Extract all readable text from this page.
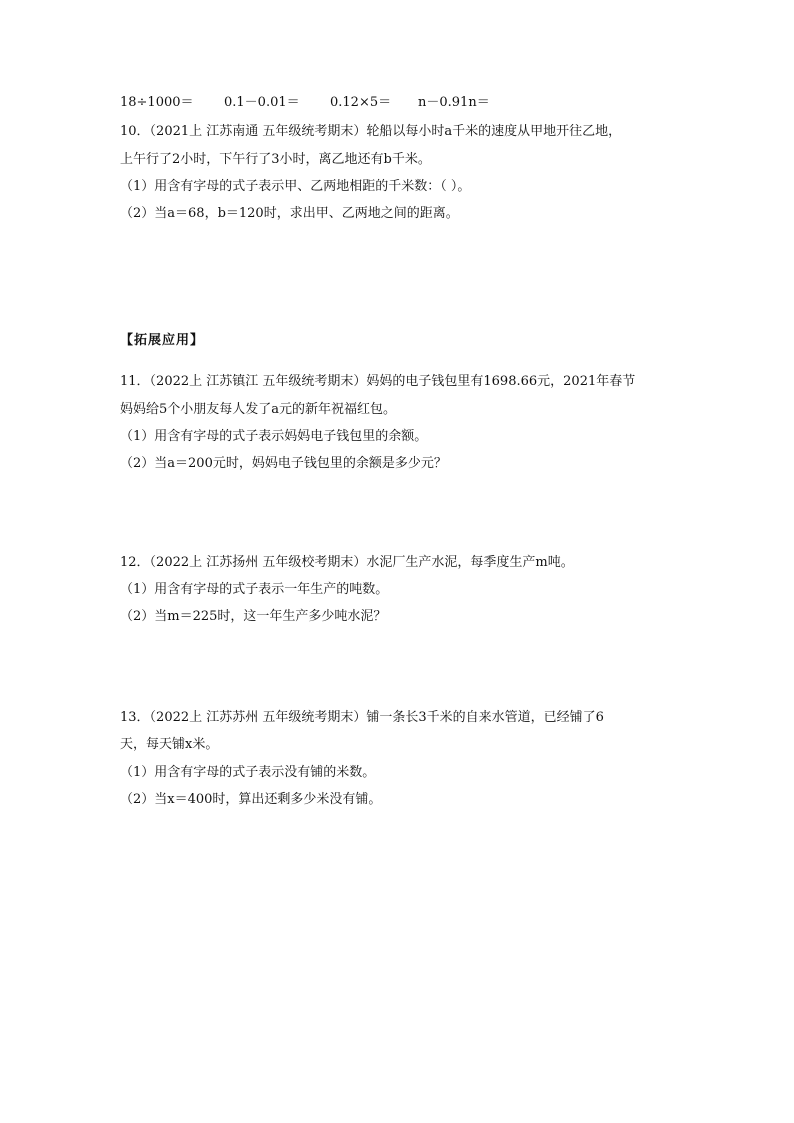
18÷1000＝ 0.1－0.01＝ 0.12×5＝ n－0.91n＝
10．（2021上 江苏南通 五年级统考期末）轮船以每小时a千米的速度从甲地开往乙地，
上午行了2小时，下午行了3小时，离乙地还有b千米。
（1）用含有字母的式子表示甲、乙两地相距的千米数：（ ）。
（2）当a＝68，b＝120时，求出甲、乙两地之间的距离。
【拓展应用】
11．（2022上 江苏镇江 五年级统考期末）妈妈的电子钱包里有1698.66元，2021年春节
妈妈给5个小朋友每人发了a元的新年祝福红包。
（1）用含有字母的式子表示妈妈电子钱包里的余额。
（2）当a＝200元时，妈妈电子钱包里的余额是多少元？
12．（2022上 江苏扬州 五年级校考期末）水泥厂生产水泥，每季度生产m吨。
（1）用含有字母的式子表示一年生产的吨数。
（2）当m＝225时，这一年生产多少吨水泥？
13．（2022上 江苏苏州 五年级统考期末）铺一条长3千米的自来水管道，已经铺了6
天，每天铺x米。
（1）用含有字母的式子表示没有铺的米数。
（2）当x＝400时，算出还剩多少米没有铺。
